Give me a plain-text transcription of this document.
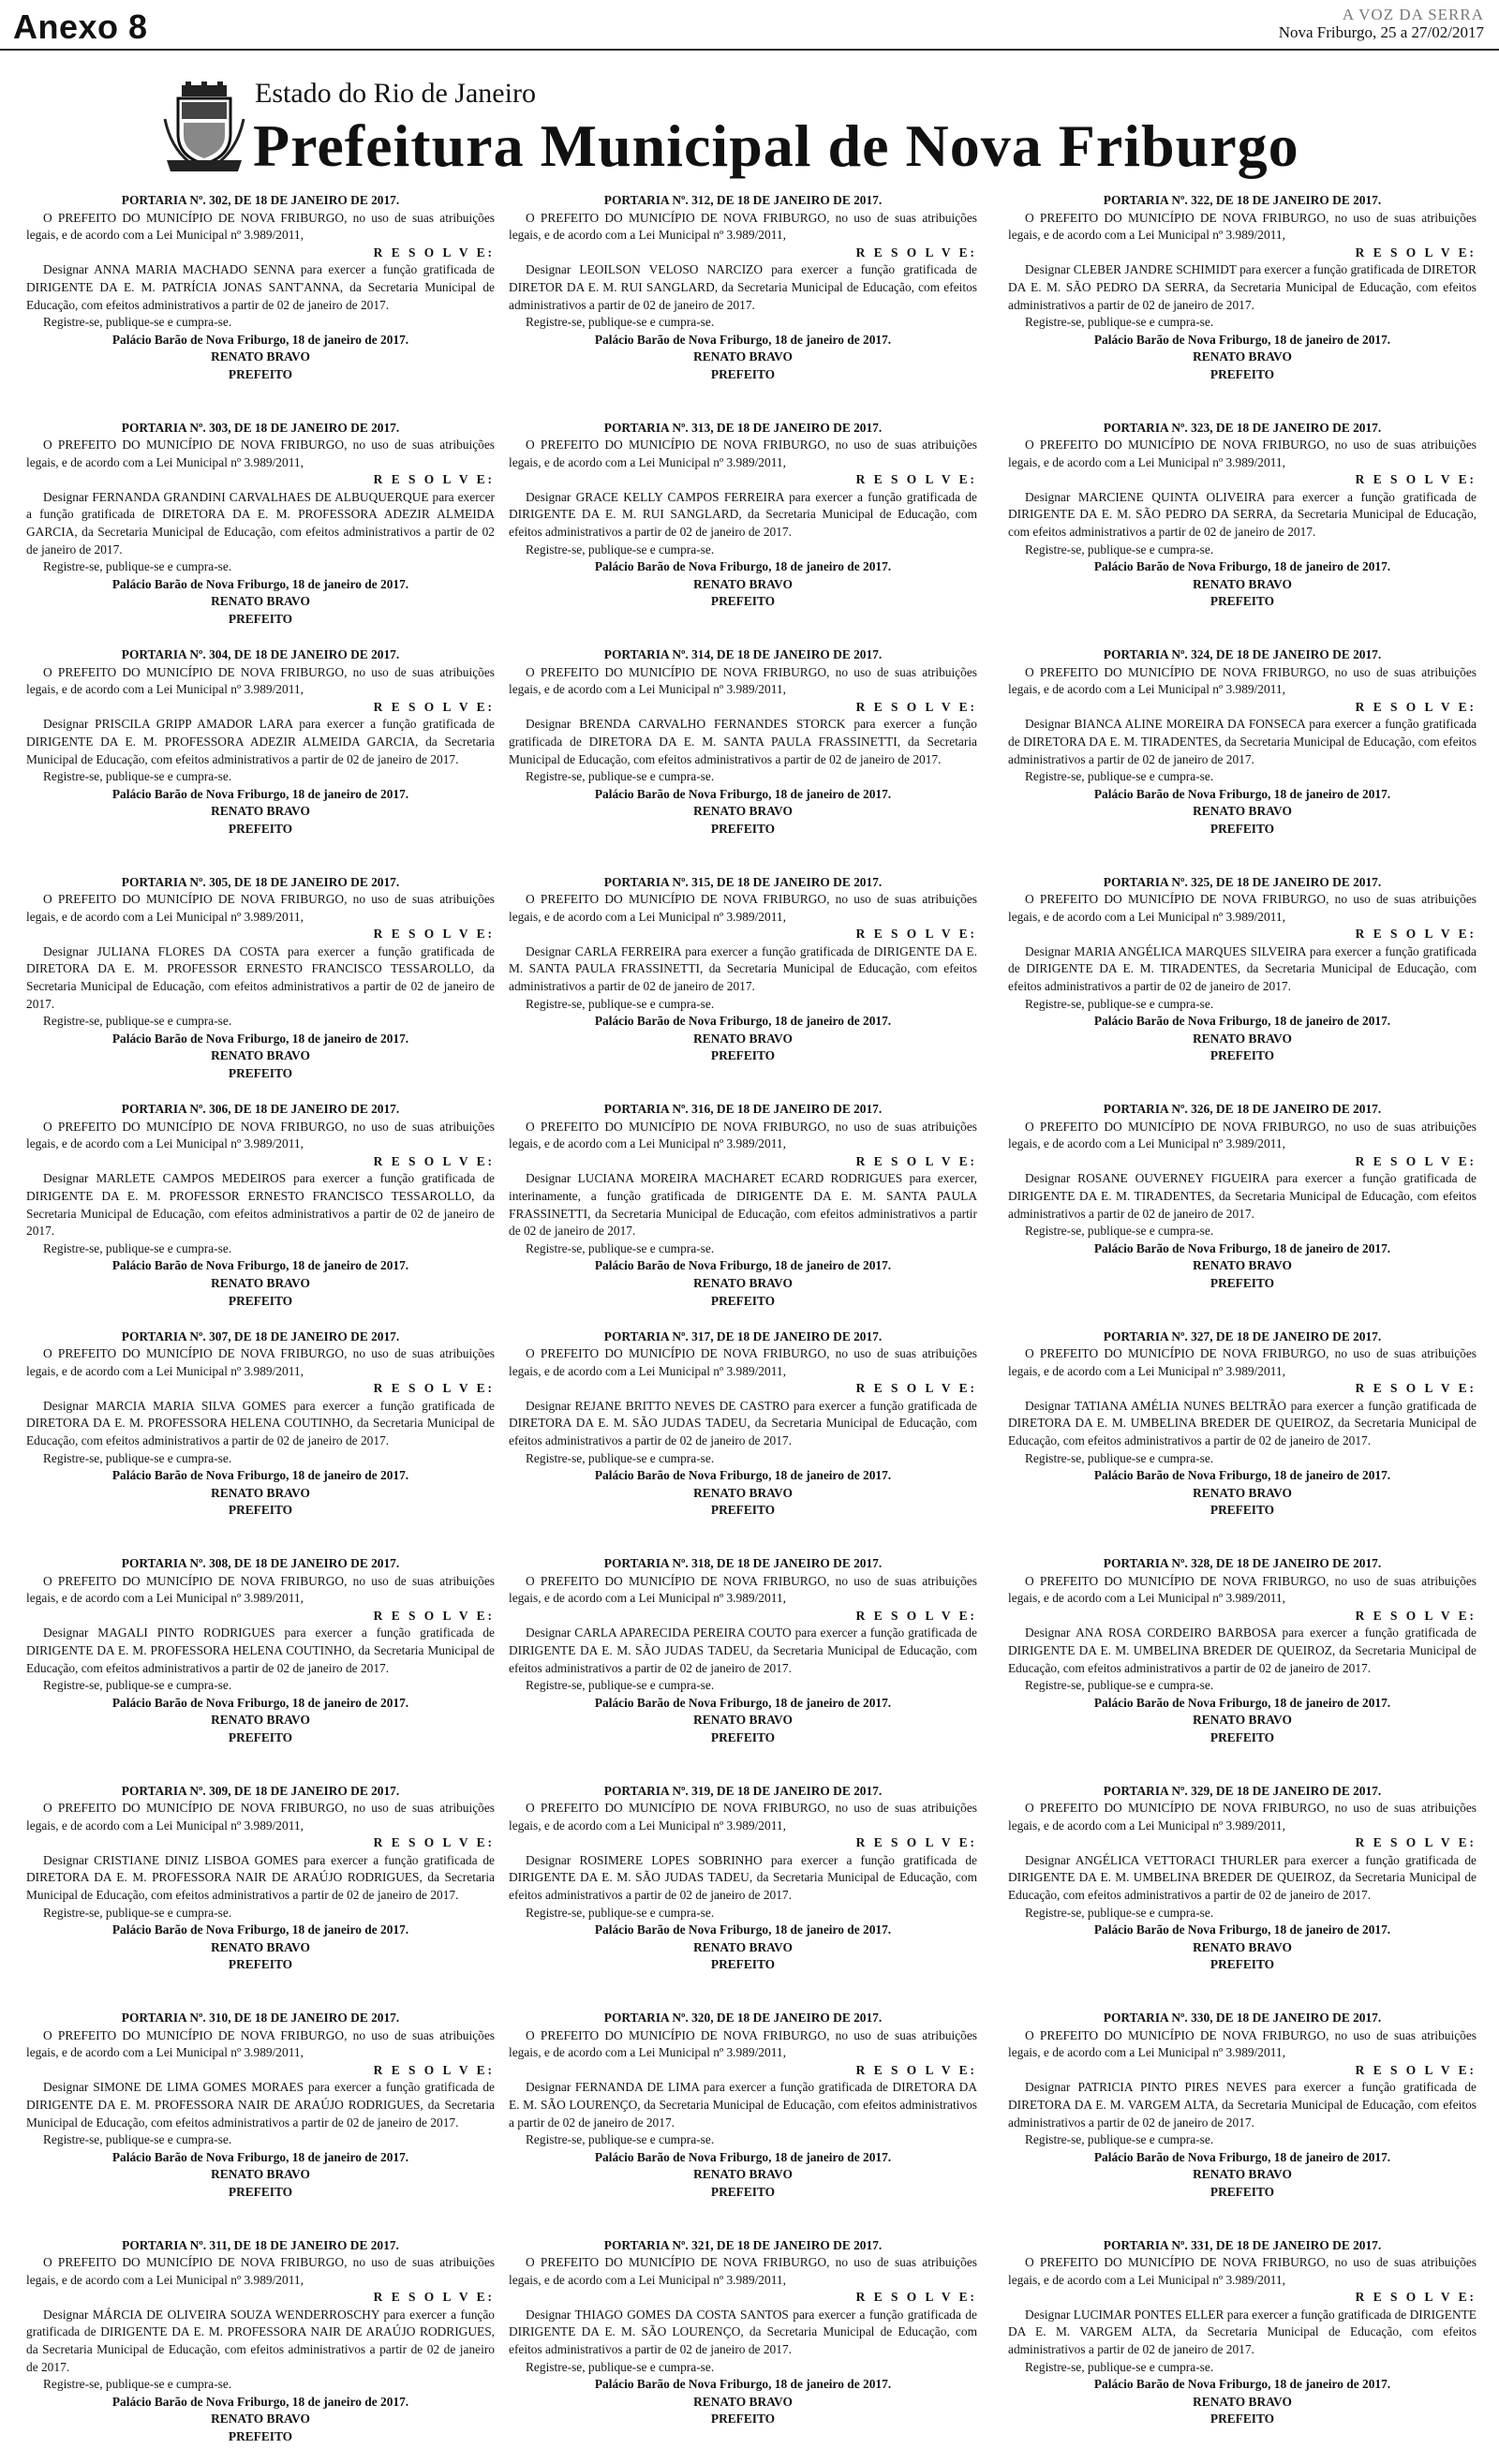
Anexo 8	A VOZ DA SERRA
Nova Friburgo, 25 a 27/02/2017
Estado do Rio de Janeiro
Prefeitura Municipal de Nova Friburgo

PORTARIA Nº. 302, DE 18 DE JANEIRO DE 2017.

O PREFEITO DO MUNICÍPIO DE NOVA FRIBURGO, no uso de suas atribuições legais, e de acordo com a Lei Municipal nº 3.989/2011,

R E S O L V E:

Designar ANNA MARIA MACHADO SENNA para exercer a função gratificada de DIRIGENTE DA E. M. PATRÍCIA JONAS SANT'ANNA, da Secretaria Municipal de Educação, com efeitos administrativos a partir de 02 de janeiro de 2017.

Registre-se, publique-se e cumpra-se.

Palácio Barão de Nova Friburgo, 18 de janeiro de 2017.

RENATO BRAVO

PREFEITO

PORTARIA Nº. 303, DE 18 DE JANEIRO DE 2017.

O PREFEITO DO MUNICÍPIO DE NOVA FRIBURGO, no uso de suas atribuições legais, e de acordo com a Lei Municipal nº 3.989/2011,

R E S O L V E:

Designar FERNANDA GRANDINI CARVALHAES DE ALBUQUERQUE para exercer a função gratificada de DIRETORA DA E. M. PROFESSORA ADEZIR ALMEIDA GARCIA, da Secretaria Municipal de Educação, com efeitos administrativos a partir de 02 de janeiro de 2017.

Registre-se, publique-se e cumpra-se.

Palácio Barão de Nova Friburgo, 18 de janeiro de 2017.

RENATO BRAVO

PREFEITO

PORTARIA Nº. 304, DE 18 DE JANEIRO DE 2017.

O PREFEITO DO MUNICÍPIO DE NOVA FRIBURGO, no uso de suas atribuições legais, e de acordo com a Lei Municipal nº 3.989/2011,

R E S O L V E:

Designar PRISCILA GRIPP AMADOR LARA para exercer a função gratificada de DIRIGENTE DA E. M. PROFESSORA ADEZIR ALMEIDA GARCIA, da Secretaria Municipal de Educação, com efeitos administrativos a partir de 02 de janeiro de 2017.

Registre-se, publique-se e cumpra-se.

Palácio Barão de Nova Friburgo, 18 de janeiro de 2017.

RENATO BRAVO

PREFEITO

PORTARIA Nº. 305, DE 18 DE JANEIRO DE 2017.

O PREFEITO DO MUNICÍPIO DE NOVA FRIBURGO, no uso de suas atribuições legais, e de acordo com a Lei Municipal nº 3.989/2011,

R E S O L V E:

Designar JULIANA FLORES DA COSTA para exercer a função gratificada de DIRETORA DA E. M. PROFESSOR ERNESTO FRANCISCO TESSAROLLO, da Secretaria Municipal de Educação, com efeitos administrativos a partir de 02 de janeiro de 2017.

Registre-se, publique-se e cumpra-se.

Palácio Barão de Nova Friburgo, 18 de janeiro de 2017.

RENATO BRAVO

PREFEITO

PORTARIA Nº. 306, DE 18 DE JANEIRO DE 2017.

O PREFEITO DO MUNICÍPIO DE NOVA FRIBURGO, no uso de suas atribuições legais, e de acordo com a Lei Municipal nº 3.989/2011,

R E S O L V E:

Designar MARLETE CAMPOS MEDEIROS para exercer a função gratificada de DIRIGENTE DA E. M. PROFESSOR ERNESTO FRANCISCO TESSAROLLO, da Secretaria Municipal de Educação, com efeitos administrativos a partir de 02 de janeiro de 2017.

Registre-se, publique-se e cumpra-se.

Palácio Barão de Nova Friburgo, 18 de janeiro de 2017.

RENATO BRAVO

PREFEITO

PORTARIA Nº. 307, DE 18 DE JANEIRO DE 2017.

O PREFEITO DO MUNICÍPIO DE NOVA FRIBURGO, no uso de suas atribuições legais, e de acordo com a Lei Municipal nº 3.989/2011,

R E S O L V E:

Designar MARCIA MARIA SILVA GOMES para exercer a função gratificada de DIRETORA DA E. M. PROFESSORA HELENA COUTINHO, da Secretaria Municipal de Educação, com efeitos administrativos a partir de 02 de janeiro de 2017.

Registre-se, publique-se e cumpra-se.

Palácio Barão de Nova Friburgo, 18 de janeiro de 2017.

RENATO BRAVO

PREFEITO

PORTARIA Nº. 308, DE 18 DE JANEIRO DE 2017.

O PREFEITO DO MUNICÍPIO DE NOVA FRIBURGO, no uso de suas atribuições legais, e de acordo com a Lei Municipal nº 3.989/2011,

R E S O L V E:

Designar MAGALI PINTO RODRIGUES para exercer a função gratificada de DIRIGENTE DA E. M. PROFESSORA HELENA COUTINHO, da Secretaria Municipal de Educação, com efeitos administrativos a partir de 02 de janeiro de 2017.

Registre-se, publique-se e cumpra-se.

Palácio Barão de Nova Friburgo, 18 de janeiro de 2017.

RENATO BRAVO

PREFEITO

PORTARIA Nº. 309, DE 18 DE JANEIRO DE 2017.

O PREFEITO DO MUNICÍPIO DE NOVA FRIBURGO, no uso de suas atribuições legais, e de acordo com a Lei Municipal nº 3.989/2011,

R E S O L V E:

Designar CRISTIANE DINIZ LISBOA GOMES para exercer a função gratificada de DIRETORA DA E. M. PROFESSORA NAIR DE ARAÚJO RODRIGUES, da Secretaria Municipal de Educação, com efeitos administrativos a partir de 02 de janeiro de 2017.

Registre-se, publique-se e cumpra-se.

Palácio Barão de Nova Friburgo, 18 de janeiro de 2017.

RENATO BRAVO

PREFEITO

PORTARIA Nº. 310, DE 18 DE JANEIRO DE 2017.

O PREFEITO DO MUNICÍPIO DE NOVA FRIBURGO, no uso de suas atribuições legais, e de acordo com a Lei Municipal nº 3.989/2011,

R E S O L V E:

Designar SIMONE DE LIMA GOMES MORAES para exercer a função gratificada de DIRIGENTE DA E. M. PROFESSORA NAIR DE ARAÚJO RODRIGUES, da Secretaria Municipal de Educação, com efeitos administrativos a partir de 02 de janeiro de 2017.

Registre-se, publique-se e cumpra-se.

Palácio Barão de Nova Friburgo, 18 de janeiro de 2017.

RENATO BRAVO

PREFEITO

PORTARIA Nº. 311, DE 18 DE JANEIRO DE 2017.

O PREFEITO DO MUNICÍPIO DE NOVA FRIBURGO, no uso de suas atribuições legais, e de acordo com a Lei Municipal nº 3.989/2011,

R E S O L V E:

Designar MÁRCIA DE OLIVEIRA SOUZA WENDERROSCHY para exercer a função gratificada de DIRIGENTE DA E. M. PROFESSORA NAIR DE ARAÚJO RODRIGUES, da Secretaria Municipal de Educação, com efeitos administrativos a partir de 02 de janeiro de 2017.

Registre-se, publique-se e cumpra-se.

Palácio Barão de Nova Friburgo, 18 de janeiro de 2017.

RENATO BRAVO

PREFEITO

PORTARIA Nº. 312, DE 18 DE JANEIRO DE 2017.

O PREFEITO DO MUNICÍPIO DE NOVA FRIBURGO, no uso de suas atribuições legais, e de acordo com a Lei Municipal nº 3.989/2011,

R E S O L V E:

Designar LEOILSON VELOSO NARCIZO para exercer a função gratificada de DIRETOR DA E. M. RUI SANGLARD, da Secretaria Municipal de Educação, com efeitos administrativos a partir de 02 de janeiro de 2017.

Registre-se, publique-se e cumpra-se.

Palácio Barão de Nova Friburgo, 18 de janeiro de 2017.

RENATO BRAVO

PREFEITO

PORTARIA Nº. 313, DE 18 DE JANEIRO DE 2017.

O PREFEITO DO MUNICÍPIO DE NOVA FRIBURGO, no uso de suas atribuições legais, e de acordo com a Lei Municipal nº 3.989/2011,

R E S O L V E:

Designar GRACE KELLY CAMPOS FERREIRA para exercer a função gratificada de DIRIGENTE DA E. M. RUI SANGLARD, da Secretaria Municipal de Educação, com efeitos administrativos a partir de 02 de janeiro de 2017.

Registre-se, publique-se e cumpra-se.

Palácio Barão de Nova Friburgo, 18 de janeiro de 2017.

RENATO BRAVO

PREFEITO

PORTARIA Nº. 314, DE 18 DE JANEIRO DE 2017.

O PREFEITO DO MUNICÍPIO DE NOVA FRIBURGO, no uso de suas atribuições legais, e de acordo com a Lei Municipal nº 3.989/2011,

R E S O L V E:

Designar BRENDA CARVALHO FERNANDES STORCK para exercer a função gratificada de DIRETORA DA E. M. SANTA PAULA FRASSINETTI, da Secretaria Municipal de Educação, com efeitos administrativos a partir de 02 de janeiro de 2017.

Registre-se, publique-se e cumpra-se.

Palácio Barão de Nova Friburgo, 18 de janeiro de 2017.

RENATO BRAVO

PREFEITO

PORTARIA Nº. 315, DE 18 DE JANEIRO DE 2017.

O PREFEITO DO MUNICÍPIO DE NOVA FRIBURGO, no uso de suas atribuições legais, e de acordo com a Lei Municipal nº 3.989/2011,

R E S O L V E:

Designar CARLA FERREIRA para exercer a função gratificada de DIRIGENTE DA E. M. SANTA PAULA FRASSINETTI, da Secretaria Municipal de Educação, com efeitos administrativos a partir de 02 de janeiro de 2017.

Registre-se, publique-se e cumpra-se.

Palácio Barão de Nova Friburgo, 18 de janeiro de 2017.

RENATO BRAVO

PREFEITO

PORTARIA Nº. 316, DE 18 DE JANEIRO DE 2017.

O PREFEITO DO MUNICÍPIO DE NOVA FRIBURGO, no uso de suas atribuições legais, e de acordo com a Lei Municipal nº 3.989/2011,

R E S O L V E:

Designar LUCIANA MOREIRA MACHARET ECARD RODRIGUES para exercer, interinamente, a função gratificada de DIRIGENTE DA E. M. SANTA PAULA FRASSINETTI, da Secretaria Municipal de Educação, com efeitos administrativos a partir de 02 de janeiro de 2017.

Registre-se, publique-se e cumpra-se.

Palácio Barão de Nova Friburgo, 18 de janeiro de 2017.

RENATO BRAVO

PREFEITO

PORTARIA Nº. 317, DE 18 DE JANEIRO DE 2017.

O PREFEITO DO MUNICÍPIO DE NOVA FRIBURGO, no uso de suas atribuições legais, e de acordo com a Lei Municipal nº 3.989/2011,

R E S O L V E:

Designar REJANE BRITTO NEVES DE CASTRO para exercer a função gratificada de DIRETORA DA E. M. SÃO JUDAS TADEU, da Secretaria Municipal de Educação, com efeitos administrativos a partir de 02 de janeiro de 2017.

Registre-se, publique-se e cumpra-se.

Palácio Barão de Nova Friburgo, 18 de janeiro de 2017.

RENATO BRAVO

PREFEITO

PORTARIA Nº. 318, DE 18 DE JANEIRO DE 2017.

O PREFEITO DO MUNICÍPIO DE NOVA FRIBURGO, no uso de suas atribuições legais, e de acordo com a Lei Municipal nº 3.989/2011,

R E S O L V E:

Designar CARLA APARECIDA PEREIRA COUTO para exercer a função gratificada de DIRIGENTE DA E. M. SÃO JUDAS TADEU, da Secretaria Municipal de Educação, com efeitos administrativos a partir de 02 de janeiro de 2017.

Registre-se, publique-se e cumpra-se.

Palácio Barão de Nova Friburgo, 18 de janeiro de 2017.

RENATO BRAVO

PREFEITO

PORTARIA Nº. 319, DE 18 DE JANEIRO DE 2017.

O PREFEITO DO MUNICÍPIO DE NOVA FRIBURGO, no uso de suas atribuições legais, e de acordo com a Lei Municipal nº 3.989/2011,

R E S O L V E:

Designar ROSIMERE LOPES SOBRINHO para exercer a função gratificada de DIRIGENTE DA E. M. SÃO JUDAS TADEU, da Secretaria Municipal de Educação, com efeitos administrativos a partir de 02 de janeiro de 2017.

Registre-se, publique-se e cumpra-se.

Palácio Barão de Nova Friburgo, 18 de janeiro de 2017.

RENATO BRAVO

PREFEITO

PORTARIA Nº. 320, DE 18 DE JANEIRO DE 2017.

O PREFEITO DO MUNICÍPIO DE NOVA FRIBURGO, no uso de suas atribuições legais, e de acordo com a Lei Municipal nº 3.989/2011,

R E S O L V E:

Designar FERNANDA DE LIMA para exercer a função gratificada de DIRETORA DA E. M. SÃO LOURENÇO, da Secretaria Municipal de Educação, com efeitos administrativos a partir de 02 de janeiro de 2017.

Registre-se, publique-se e cumpra-se.

Palácio Barão de Nova Friburgo, 18 de janeiro de 2017.

RENATO BRAVO

PREFEITO

PORTARIA Nº. 321, DE 18 DE JANEIRO DE 2017.

O PREFEITO DO MUNICÍPIO DE NOVA FRIBURGO, no uso de suas atribuições legais, e de acordo com a Lei Municipal nº 3.989/2011,

R E S O L V E:

Designar THIAGO GOMES DA COSTA SANTOS para exercer a função gratificada de DIRIGENTE DA E. M. SÃO LOURENÇO, da Secretaria Municipal de Educação, com efeitos administrativos a partir de 02 de janeiro de 2017.

Registre-se, publique-se e cumpra-se.

Palácio Barão de Nova Friburgo, 18 de janeiro de 2017.

RENATO BRAVO

PREFEITO

PORTARIA Nº. 322, DE 18 DE JANEIRO DE 2017.

O PREFEITO DO MUNICÍPIO DE NOVA FRIBURGO, no uso de suas atribuições legais, e de acordo com a Lei Municipal nº 3.989/2011,

R E S O L V E:

Designar CLEBER JANDRE SCHIMIDT para exercer a função gratificada de DIRETOR DA E. M. SÃO PEDRO DA SERRA, da Secretaria Municipal de Educação, com efeitos administrativos a partir de 02 de janeiro de 2017.

Registre-se, publique-se e cumpra-se.

Palácio Barão de Nova Friburgo, 18 de janeiro de 2017.

RENATO BRAVO

PREFEITO

PORTARIA Nº. 323, DE 18 DE JANEIRO DE 2017.

O PREFEITO DO MUNICÍPIO DE NOVA FRIBURGO, no uso de suas atribuições legais, e de acordo com a Lei Municipal nº 3.989/2011,

R E S O L V E:

Designar MARCIENE QUINTA OLIVEIRA para exercer a função gratificada de DIRIGENTE DA E. M. SÃO PEDRO DA SERRA, da Secretaria Municipal de Educação, com efeitos administrativos a partir de 02 de janeiro de 2017.

Registre-se, publique-se e cumpra-se.

Palácio Barão de Nova Friburgo, 18 de janeiro de 2017.

RENATO BRAVO

PREFEITO

PORTARIA Nº. 324, DE 18 DE JANEIRO DE 2017.

O PREFEITO DO MUNICÍPIO DE NOVA FRIBURGO, no uso de suas atribuições legais, e de acordo com a Lei Municipal nº 3.989/2011,

R E S O L V E:

Designar BIANCA ALINE MOREIRA DA FONSECA para exercer a função gratificada de DIRETORA DA E. M. TIRADENTES, da Secretaria Municipal de Educação, com efeitos administrativos a partir de 02 de janeiro de 2017.

Registre-se, publique-se e cumpra-se.

Palácio Barão de Nova Friburgo, 18 de janeiro de 2017.

RENATO BRAVO

PREFEITO

PORTARIA Nº. 325, DE 18 DE JANEIRO DE 2017.

O PREFEITO DO MUNICÍPIO DE NOVA FRIBURGO, no uso de suas atribuições legais, e de acordo com a Lei Municipal nº 3.989/2011,

R E S O L V E:

Designar MARIA ANGÉLICA MARQUES SILVEIRA para exercer a função gratificada de DIRIGENTE DA E. M. TIRADENTES, da Secretaria Municipal de Educação, com efeitos administrativos a partir de 02 de janeiro de 2017.

Registre-se, publique-se e cumpra-se.

Palácio Barão de Nova Friburgo, 18 de janeiro de 2017.

RENATO BRAVO

PREFEITO

PORTARIA Nº. 326, DE 18 DE JANEIRO DE 2017.

O PREFEITO DO MUNICÍPIO DE NOVA FRIBURGO, no uso de suas atribuições legais, e de acordo com a Lei Municipal nº 3.989/2011,

R E S O L V E:

Designar ROSANE OUVERNEY FIGUEIRA para exercer a função gratificada de DIRIGENTE DA E. M. TIRADENTES, da Secretaria Municipal de Educação, com efeitos administrativos a partir de 02 de janeiro de 2017.

Registre-se, publique-se e cumpra-se.

Palácio Barão de Nova Friburgo, 18 de janeiro de 2017.

RENATO BRAVO

PREFEITO

PORTARIA Nº. 327, DE 18 DE JANEIRO DE 2017.

O PREFEITO DO MUNICÍPIO DE NOVA FRIBURGO, no uso de suas atribuições legais, e de acordo com a Lei Municipal nº 3.989/2011,

R E S O L V E:

Designar TATIANA AMÉLIA NUNES BELTRÃO para exercer a função gratificada de DIRETORA DA E. M. UMBELINA BREDER DE QUEIROZ, da Secretaria Municipal de Educação, com efeitos administrativos a partir de 02 de janeiro de 2017.

Registre-se, publique-se e cumpra-se.

Palácio Barão de Nova Friburgo, 18 de janeiro de 2017.

RENATO BRAVO

PREFEITO

PORTARIA Nº. 328, DE 18 DE JANEIRO DE 2017.

O PREFEITO DO MUNICÍPIO DE NOVA FRIBURGO, no uso de suas atribuições legais, e de acordo com a Lei Municipal nº 3.989/2011,

R E S O L V E:

Designar ANA ROSA CORDEIRO BARBOSA para exercer a função gratificada de DIRIGENTE DA E. M. UMBELINA BREDER DE QUEIROZ, da Secretaria Municipal de Educação, com efeitos administrativos a partir de 02 de janeiro de 2017.

Registre-se, publique-se e cumpra-se.

Palácio Barão de Nova Friburgo, 18 de janeiro de 2017.

RENATO BRAVO

PREFEITO

PORTARIA Nº. 329, DE 18 DE JANEIRO DE 2017.

O PREFEITO DO MUNICÍPIO DE NOVA FRIBURGO, no uso de suas atribuições legais, e de acordo com a Lei Municipal nº 3.989/2011,

R E S O L V E:

Designar ANGÉLICA VETTORACI THURLER para exercer a função gratificada de DIRIGENTE DA E. M. UMBELINA BREDER DE QUEIROZ, da Secretaria Municipal de Educação, com efeitos administrativos a partir de 02 de janeiro de 2017.

Registre-se, publique-se e cumpra-se.

Palácio Barão de Nova Friburgo, 18 de janeiro de 2017.

RENATO BRAVO

PREFEITO

PORTARIA Nº. 330, DE 18 DE JANEIRO DE 2017.

O PREFEITO DO MUNICÍPIO DE NOVA FRIBURGO, no uso de suas atribuições legais, e de acordo com a Lei Municipal nº 3.989/2011,

R E S O L V E:

Designar PATRICIA PINTO PIRES NEVES para exercer a função gratificada de DIRETORA DA E. M. VARGEM ALTA, da Secretaria Municipal de Educação, com efeitos administrativos a partir de 02 de janeiro de 2017.

Registre-se, publique-se e cumpra-se.

Palácio Barão de Nova Friburgo, 18 de janeiro de 2017.

RENATO BRAVO

PREFEITO

PORTARIA Nº. 331, DE 18 DE JANEIRO DE 2017.

O PREFEITO DO MUNICÍPIO DE NOVA FRIBURGO, no uso de suas atribuições legais, e de acordo com a Lei Municipal nº 3.989/2011,

R E S O L V E:

Designar LUCIMAR PONTES ELLER para exercer a função gratificada de DIRIGENTE DA E. M. VARGEM ALTA, da Secretaria Municipal de Educação, com efeitos administrativos a partir de 02 de janeiro de 2017.

Registre-se, publique-se e cumpra-se.

Palácio Barão de Nova Friburgo, 18 de janeiro de 2017.

RENATO BRAVO

PREFEITO
